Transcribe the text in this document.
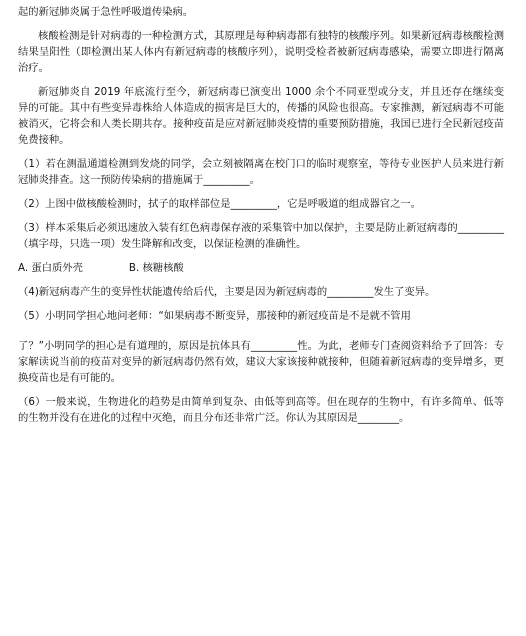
起的新冠肺炎属于急性呼吸道传染病。

核酸检测是针对病毒的一种检测方式，其原理是每种病毒都有独特的核酸序列。如果新冠病毒核酸检测结果呈阳性（即检测出某人体内有新冠病毒的核酸序列），说明受检者被新冠病毒感染，需要立即进行隔离治疗。

新冠肺炎自 2019 年底流行至今，新冠病毒已演变出 1000 余个不同亚型或分支，并且还存在继续变异的可能。其中有些变异毒株给人体造成的损害是巨大的，传播的风险也很高。专家推测，新冠病毒不可能被消灭，它将会和人类长期共存。接种疫苗是应对新冠肺炎疫情的重要预防措施，我国已进行全民新冠疫苗免费接种。

（1）若在测温通道检测到发烧的同学，会立刻被隔离在校门口的临时观察室，等待专业医护人员来进行新冠肺炎排查。这一预防传染病的措施属于_________。

（2）上图中做核酸检测时，拭子的取样部位是_________，它是呼吸道的组成器官之一。

（3）样本采集后必须迅速放入装有红色病毒保存液的采集管中加以保护，主要是防止新冠病毒的_________（填字母，只选一项）发生降解和改变，以保证检测的准确性。

A. 蛋白质外壳	B. 核糖核酸

（4)新冠病毒产生的变异性状能遗传给后代，主要是因为新冠病毒的_________发生了变异。

（5）小明同学担心地问老师：“如果病毒不断变异，那接种的新冠疫苗是不是就不管用

了？”小明同学的担心是有道理的，原因是抗体具有_________性。为此，老师专门查阅资料给予了回答：专家解读说当前的疫苗对变异的新冠病毒仍然有效，建议大家该接种就接种，但随着新冠病毒的变异增多，更换疫苗也是有可能的。

（6）一般来说，生物进化的趋势是由简单到复杂、由低等到高等。但在现存的生物中，有许多简单、低等的生物并没有在进化的过程中灭绝，而且分布还非常广泛。你认为其原因是________。
